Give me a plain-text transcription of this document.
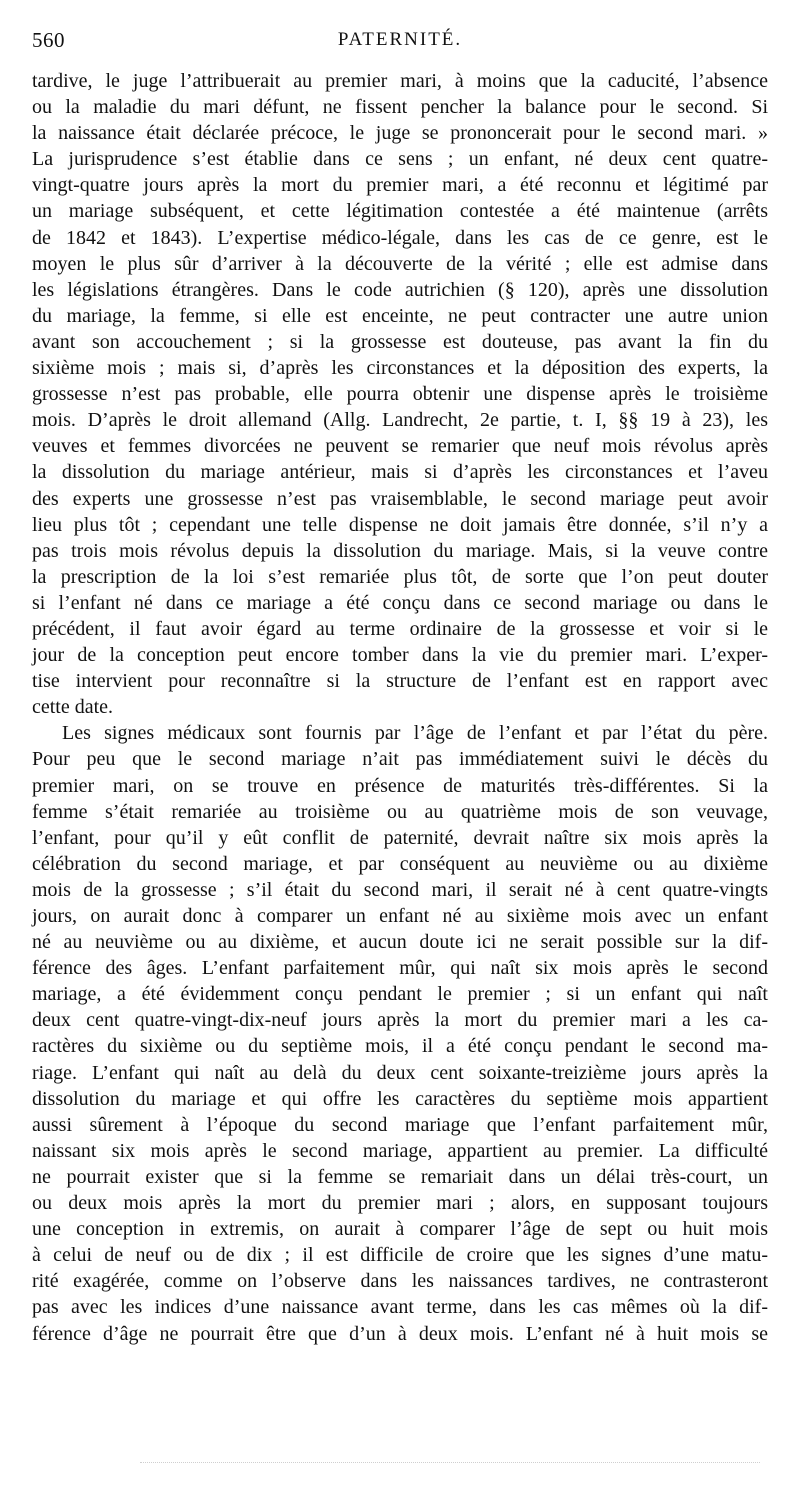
560	PATERNITÉ.
tardive, le juge l’attribuerait au premier mari, à moins que la caducité, l’absence
ou la maladie du mari défunt, ne fissent pencher la balance pour le second. Si
la naissance était déclarée précoce, le juge se prononcerait pour le second mari. »
La jurisprudence s’est établie dans ce sens ; un enfant, né deux cent quatre-
vingt-quatre jours après la mort du premier mari, a été reconnu et légitimé par
un mariage subséquent, et cette légitimation contestée a été maintenue (arrêts
de 1842 et 1843). L’expertise médico-légale, dans les cas de ce genre, est le
moyen le plus sûr d’arriver à la découverte de la vérité ; elle est admise dans
les législations étrangères. Dans le code autrichien (§ 120), après une dissolution
du mariage, la femme, si elle est enceinte, ne peut contracter une autre union
avant son accouchement ; si la grossesse est douteuse, pas avant la fin du
sixième mois ; mais si, d’après les circonstances et la déposition des experts, la
grossesse n’est pas probable, elle pourra obtenir une dispense après le troisième
mois. D’après le droit allemand (Allg. Landrecht, 2e partie, t. I, §§ 19 à 23), les
veuves et femmes divorcées ne peuvent se remarier que neuf mois révolus après
la dissolution du mariage antérieur, mais si d’après les circonstances et l’aveu
des experts une grossesse n’est pas vraisemblable, le second mariage peut avoir
lieu plus tôt ; cependant une telle dispense ne doit jamais être donnée, s’il n’y a
pas trois mois révolus depuis la dissolution du mariage. Mais, si la veuve contre
la prescription de la loi s’est remariée plus tôt, de sorte que l’on peut douter
si l’enfant né dans ce mariage a été conçu dans ce second mariage ou dans le
précédent, il faut avoir égard au terme ordinaire de la grossesse et voir si le
jour de la conception peut encore tomber dans la vie du premier mari. L’exper-
tise intervient pour reconnaître si la structure de l’enfant est en rapport avec
cette date.
Les signes médicaux sont fournis par l’âge de l’enfant et par l’état du père.
Pour peu que le second mariage n’ait pas immédiatement suivi le décès du
premier mari, on se trouve en présence de maturités très-différentes. Si la
femme s’était remariée au troisième ou au quatrième mois de son veuvage,
l’enfant, pour qu’il y eût conflit de paternité, devrait naître six mois après la
célébration du second mariage, et par conséquent au neuvième ou au dixième
mois de la grossesse ; s’il était du second mari, il serait né à cent quatre-vingts
jours, on aurait donc à comparer un enfant né au sixième mois avec un enfant
né au neuvième ou au dixième, et aucun doute ici ne serait possible sur la dif-
férence des âges. L’enfant parfaitement mûr, qui naît six mois après le second
mariage, a été évidemment conçu pendant le premier ; si un enfant qui naît
deux cent quatre-vingt-dix-neuf jours après la mort du premier mari a les ca-
ractères du sixième ou du septième mois, il a été conçu pendant le second ma-
riage. L’enfant qui naît au delà du deux cent soixante-treizième jours après la
dissolution du mariage et qui offre les caractères du septième mois appartient
aussi sûrement à l’époque du second mariage que l’enfant parfaitement mûr,
naissant six mois après le second mariage, appartient au premier. La difficulté
ne pourrait exister que si la femme se remariait dans un délai très-court, un
ou deux mois après la mort du premier mari ; alors, en supposant toujours
une conception in extremis, on aurait à comparer l’âge de sept ou huit mois
à celui de neuf ou de dix ; il est difficile de croire que les signes d’une matu-
rité exagérée, comme on l’observe dans les naissances tardives, ne contrasteront
pas avec les indices d’une naissance avant terme, dans les cas mêmes où la dif-
férence d’âge ne pourrait être que d’un à deux mois. L’enfant né à huit mois se
